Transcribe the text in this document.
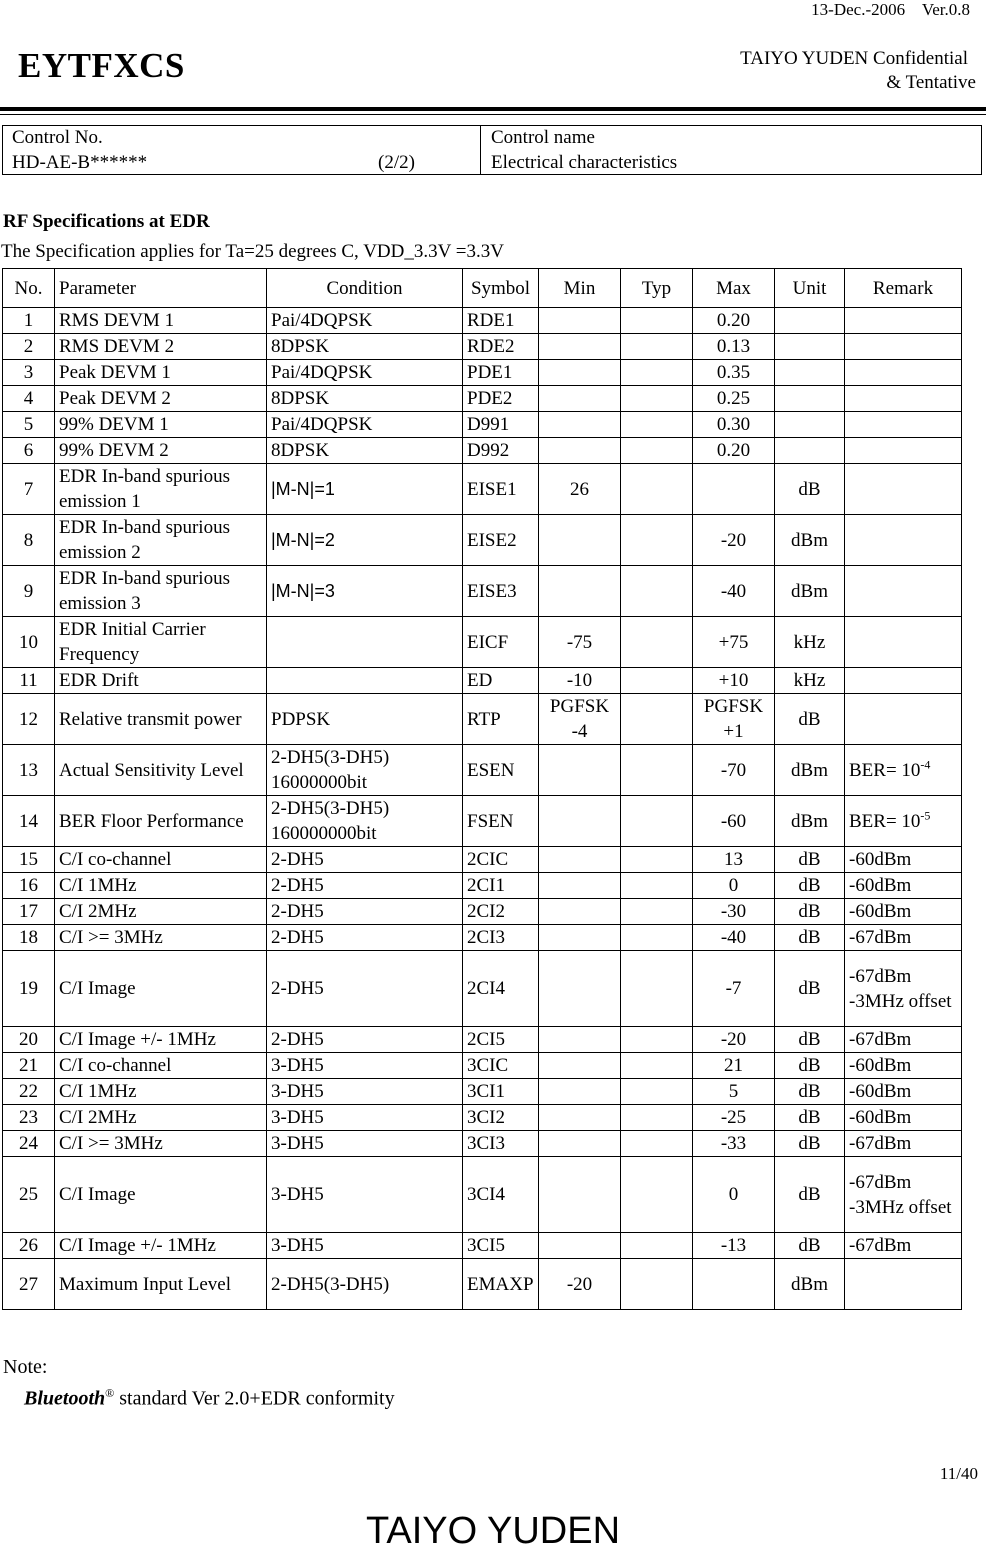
13-Dec.-2006 Ver.0.8
EYTFXCS	TAIYO YUDEN Confidential
& Tentative
Control No.
HD-AE-B******	(2/2)
Control name
Electrical characteristics
RF Specifications at EDR
The Specification applies for Ta=25 degrees C, VDD_3.3V =3.3V
No.	Parameter	Condition	Symbol	Min	Typ	Max	Unit	Remark
1	RMS DEVM 1	Pai/4DQPSK	RDE1			0.20		
2	RMS DEVM 2	8DPSK	RDE2			0.13		
3	Peak DEVM 1	Pai/4DQPSK	PDE1			0.35		
4	Peak DEVM 2	8DPSK	PDE2			0.25		
5	99% DEVM 1	Pai/4DQPSK	D991			0.30		
6	99% DEVM 2	8DPSK	D992			0.20		
7	EDR In-band spurious emission 1	|M-N|=1	EISE1	26			dB	
8	EDR In-band spurious emission 2	|M-N|=2	EISE2			-20	dBm	
9	EDR In-band spurious emission 3	|M-N|=3	EISE3			-40	dBm	
10	EDR Initial Carrier Frequency		EICF	-75		+75	kHz	
11	EDR Drift		ED	-10		+10	kHz	
12	Relative transmit power	PDPSK	RTP	PGFSK -4		PGFSK +1	dB	
13	Actual Sensitivity Level	2-DH5(3-DH5) 16000000bit	ESEN			-70	dBm	$BER= 10^{-4}$
14	BER Floor Performance	2-DH5(3-DH5) 160000000bit	FSEN			-60	dBm	$BER= 10^{-5}$
15	C/I co-channel	2-DH5	2CIC			13	dB	-60dBm
16	C/I 1MHz	2-DH5	2CI1			0	dB	-60dBm
17	C/I 2MHz	2-DH5	2CI2			-30	dB	-60dBm
18	C/I >= 3MHz	2-DH5	2CI3			-40	dB	-67dBm
19	C/I Image	2-DH5	2CI4			-7	dB	-67dBm -3MHz offset
20	C/I Image +/- 1MHz	2-DH5	2CI5			-20	dB	-67dBm
21	C/I co-channel	3-DH5	3CIC			21	dB	-60dBm
22	C/I 1MHz	3-DH5	3CI1			5	dB	-60dBm
23	C/I 2MHz	3-DH5	3CI2			-25	dB	-60dBm
24	C/I >= 3MHz	3-DH5	3CI3			-33	dB	-67dBm
25	C/I Image	3-DH5	3CI4			0	dB	-67dBm -3MHz offset
26	C/I Image +/- 1MHz	3-DH5	3CI5			-13	dB	-67dBm
27	Maximum Input Level	2-DH5(3-DH5)	EMAXP	-20			dBm	
Note:
Bluetooth® standard Ver 2.0+EDR conformity
11/40
TAIYO YUDEN
